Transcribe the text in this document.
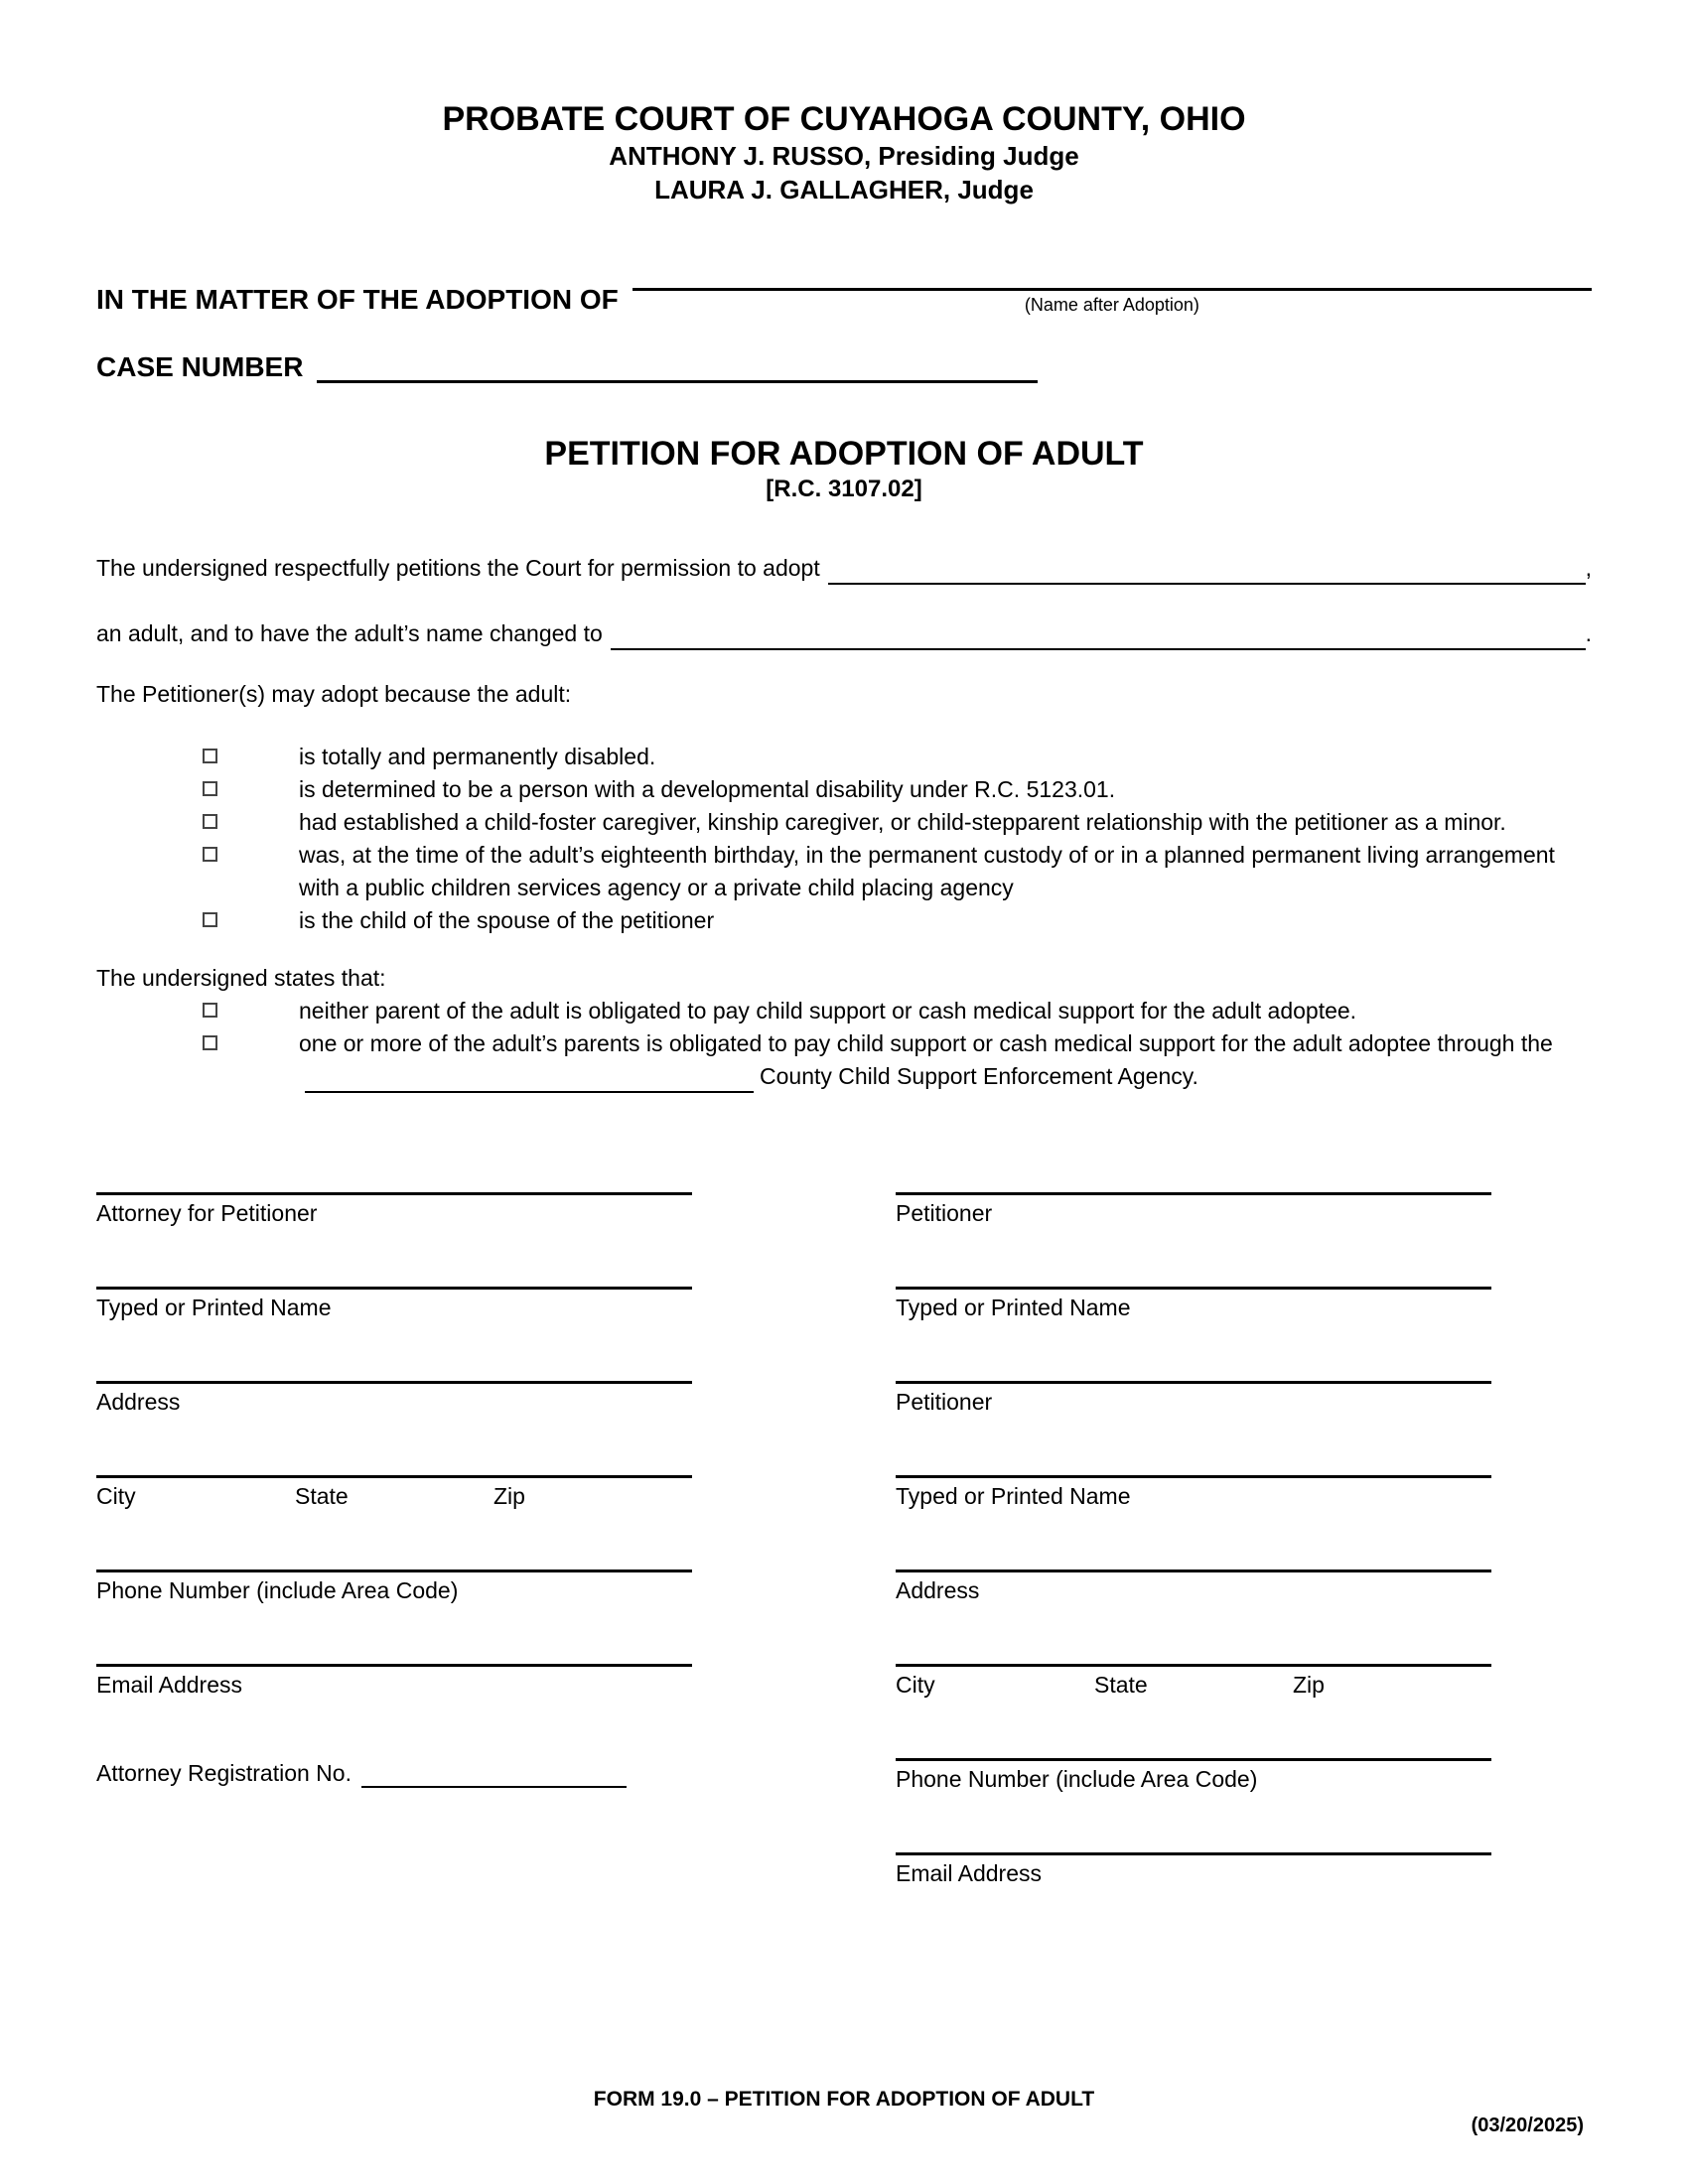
PROBATE COURT OF CUYAHOGA COUNTY, OHIO
ANTHONY J. RUSSO, Presiding Judge
LAURA J. GALLAGHER, Judge
IN THE MATTER OF THE ADOPTION OF	(Name after Adoption)
CASE NUMBER
PETITION FOR ADOPTION OF ADULT
[R.C. 3107.02]
The undersigned respectfully petitions the Court for permission to adopt	,
an adult, and to have the adult’s name changed to	.
The Petitioner(s) may adopt because the adult:
is totally and permanently disabled.
is determined to be a person with a developmental disability under R.C. 5123.01.
had established a child-foster caregiver, kinship caregiver, or child-stepparent relationship with the petitioner as a minor.
was, at the time of the adult’s eighteenth birthday, in the permanent custody of or in a planned permanent living arrangement with a public children services agency or a private child placing agency
is the child of the spouse of the petitioner
The undersigned states that:
neither parent of the adult is obligated to pay child support or cash medical support for the adult adoptee.
one or more of the adult’s parents is obligated to pay child support or cash medical support for the adult adoptee through theCounty Child Support Enforcement Agency.
Attorney for Petitioner
Typed or Printed Name
Address
City	State	Zip
Phone Number (include Area Code)
Email Address
Attorney Registration No.
Petitioner
Typed or Printed Name
Petitioner
Typed or Printed Name
Address
City	State	Zip
Phone Number (include Area Code)
Email Address
FORM 19.0 – PETITION FOR ADOPTION OF ADULT
(03/20/2025)
